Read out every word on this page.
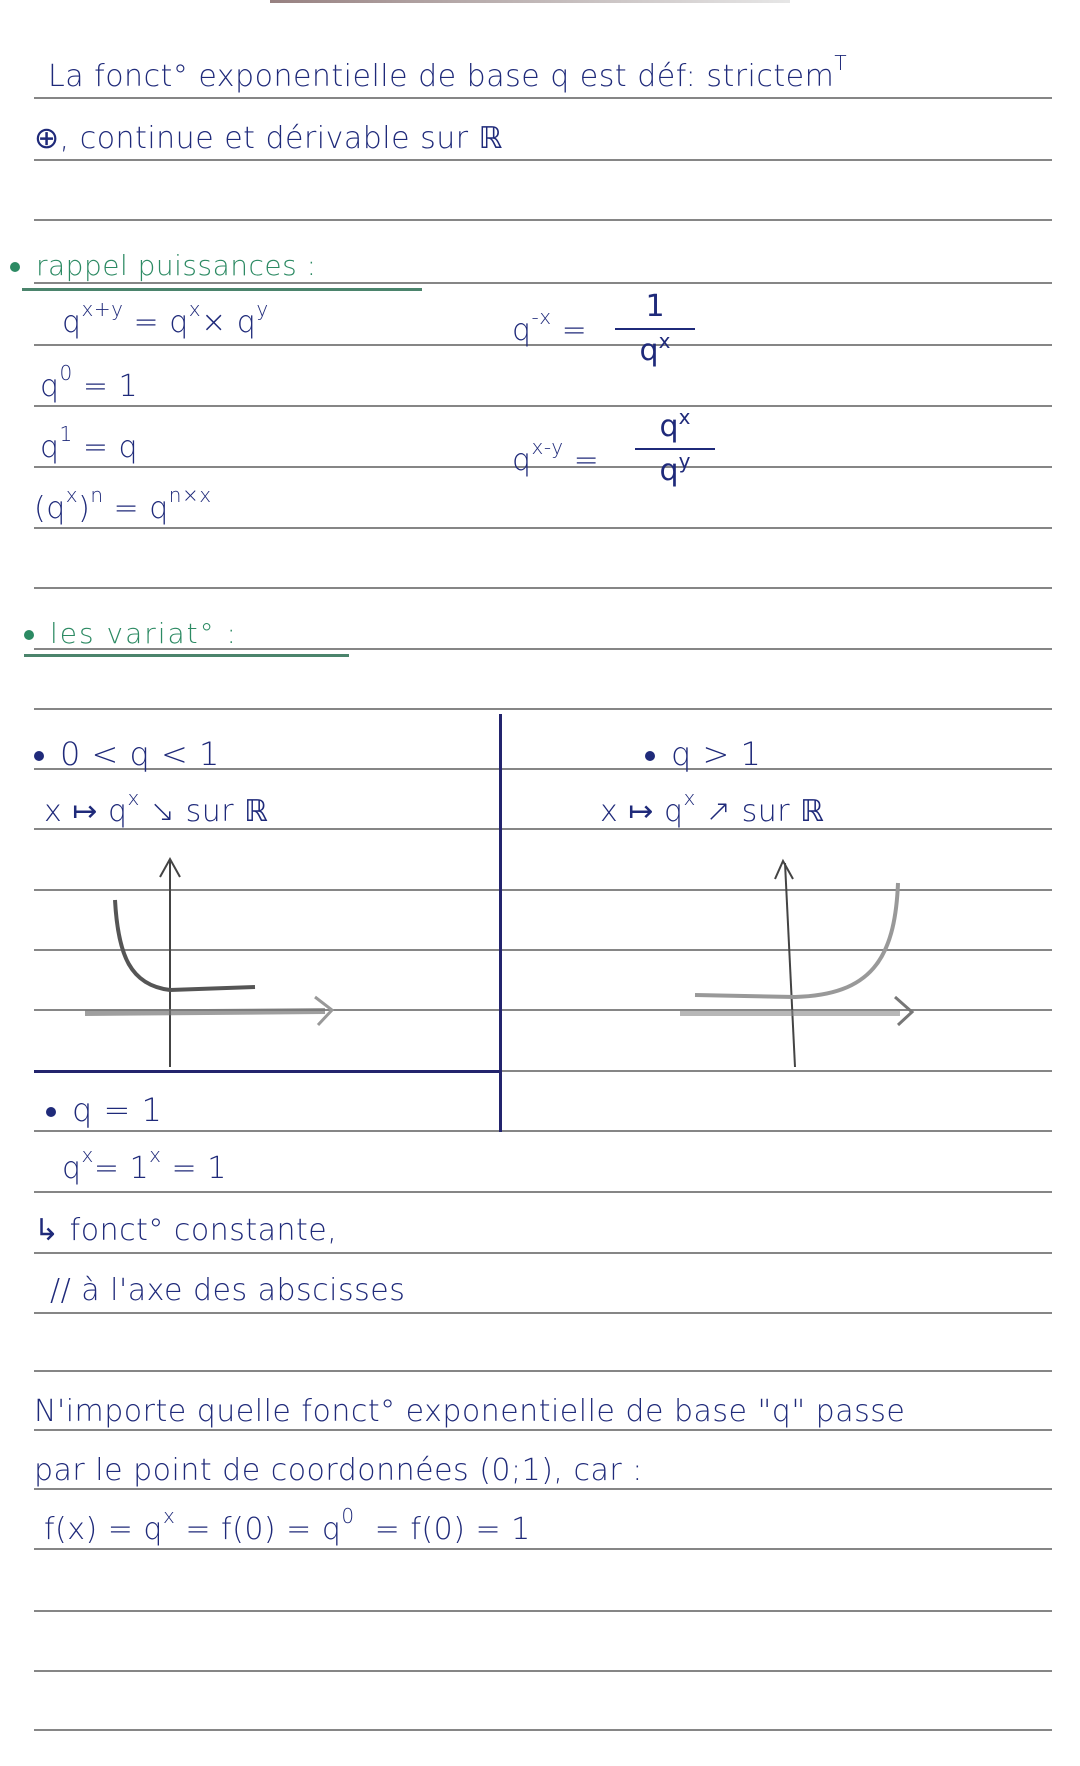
La fonct° exponentielle de base q est déf: strictem$^T$
⊕, continue et dérivable sur ℝ
rappel puissances :
$q^{x+y} = q^x\times q^y$
$q^0 = 1$
$q^1 = q$
$(q^x)^n = q^{n\times x}$
$q^{-x}$ =
1
$q^x$
$q^{x-y}$ =
$q^x$
$q^y$
les variat° :
0 < q < 1
x ↦ $q^x$ ↘ sur ℝ
q > 1
x ↦ $q^x$ ↗ sur ℝ
q = 1
$q^x= 1^x = 1$
↳ fonct° constante,
// à l'axe des abscisses
N'importe quelle fonct° exponentielle de base "q" passe
par le point de coordonnées (0;1), car :
$f(x) = q^x = f(0) = q^0 = f(0) = 1$
